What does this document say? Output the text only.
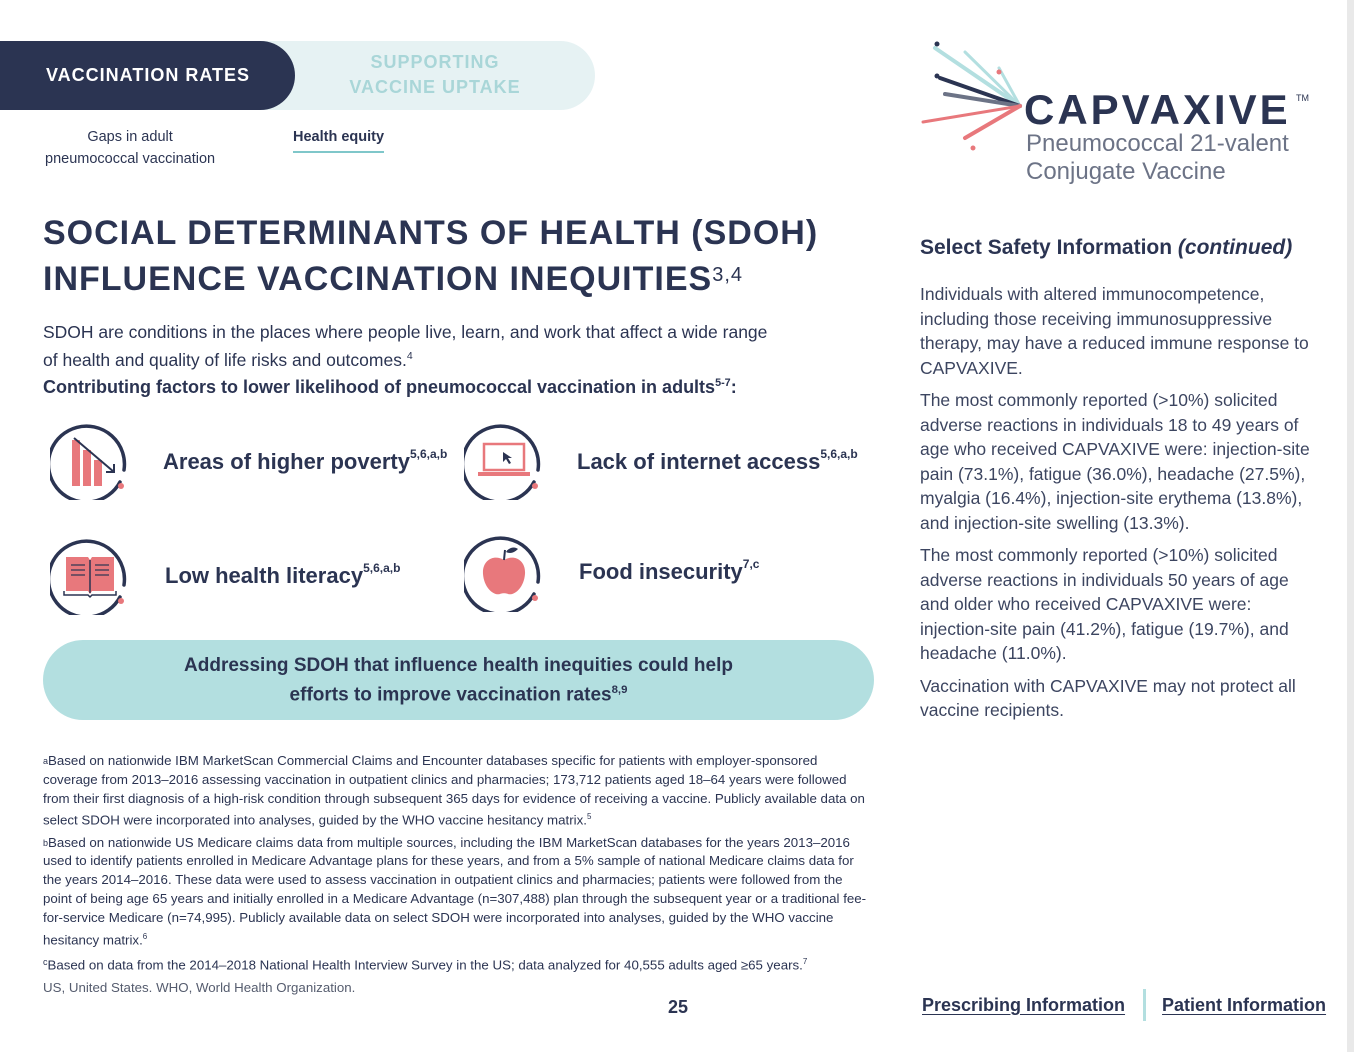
SUPPORTING
VACCINE UPTAKE
VACCINATION RATES
Gaps in adult
pneumococcal vaccination
Health equity
SOCIAL DETERMINANTS OF HEALTH (SDOH)
INFLUENCE VACCINATION INEQUITIES$^{3,4}$
SDOH are conditions in the places where people live, learn, and work that affect a wide range
of health and quality of life risks and outcomes.$^4$
Contributing factors to lower likelihood of pneumococcal vaccination in adults$^{5-7}$:
Areas of higher poverty$^{5,6,a,b}$	Lack of internet access$^{5,6,a,b}$
Low health literacy$^{5,6,a,b}$	Food insecurity$^{7,c}$
Addressing SDOH that influence health inequities could help
efforts to improve vaccination rates$^{8,9}$
$^a$Based on nationwide IBM MarketScan Commercial Claims and Encounter databases specific for patients with employer-sponsored coverage from 2013–2016 assessing vaccination in outpatient clinics and pharmacies; 173,712 patients aged 18–64 years were followed from their first diagnosis of a high-risk condition through subsequent 365 days for evidence of receiving a vaccine. Publicly available data on select SDOH were incorporated into analyses, guided by the WHO vaccine hesitancy matrix.$^5$
$^b$Based on nationwide US Medicare claims data from multiple sources, including the IBM MarketScan databases for the years 2013–2016 used to identify patients enrolled in Medicare Advantage plans for these years, and from a 5% sample of national Medicare claims data for the years 2014–2016. These data were used to assess vaccination in outpatient clinics and pharmacies; patients were followed from the point of being age 65 years and initially enrolled in a Medicare Advantage (n=307,488) plan through the subsequent year or a traditional fee-for-service Medicare (n=74,995). Publicly available data on select SDOH were incorporated into analyses, guided by the WHO vaccine hesitancy matrix.$^6$
$^c$Based on data from the 2014–2018 National Health Interview Survey in the US; data analyzed for 40,555 adults aged ≥65 years.$^7$
US, United States. WHO, World Health Organization.
25
CAPVAXIVE TM
Pneumococcal 21-valent
Conjugate Vaccine
Select Safety Information (continued)

Individuals with altered immunocompetence, including those receiving immunosuppressive therapy, may have a reduced immune response to CAPVAXIVE.

The most commonly reported (>10%) solicited adverse reactions in individuals 18 to 49 years of age who received CAPVAXIVE were: injection-site pain (73.1%), fatigue (36.0%), headache (27.5%), myalgia (16.4%), injection-site erythema (13.8%), and injection-site swelling (13.3%).

The most commonly reported (>10%) solicited adverse reactions in individuals 50 years of age and older who received CAPVAXIVE were: injection-site pain (41.2%), fatigue (19.7%), and headache (11.0%).

Vaccination with CAPVAXIVE may not protect all vaccine recipients.

Prescribing Information Patient Information
